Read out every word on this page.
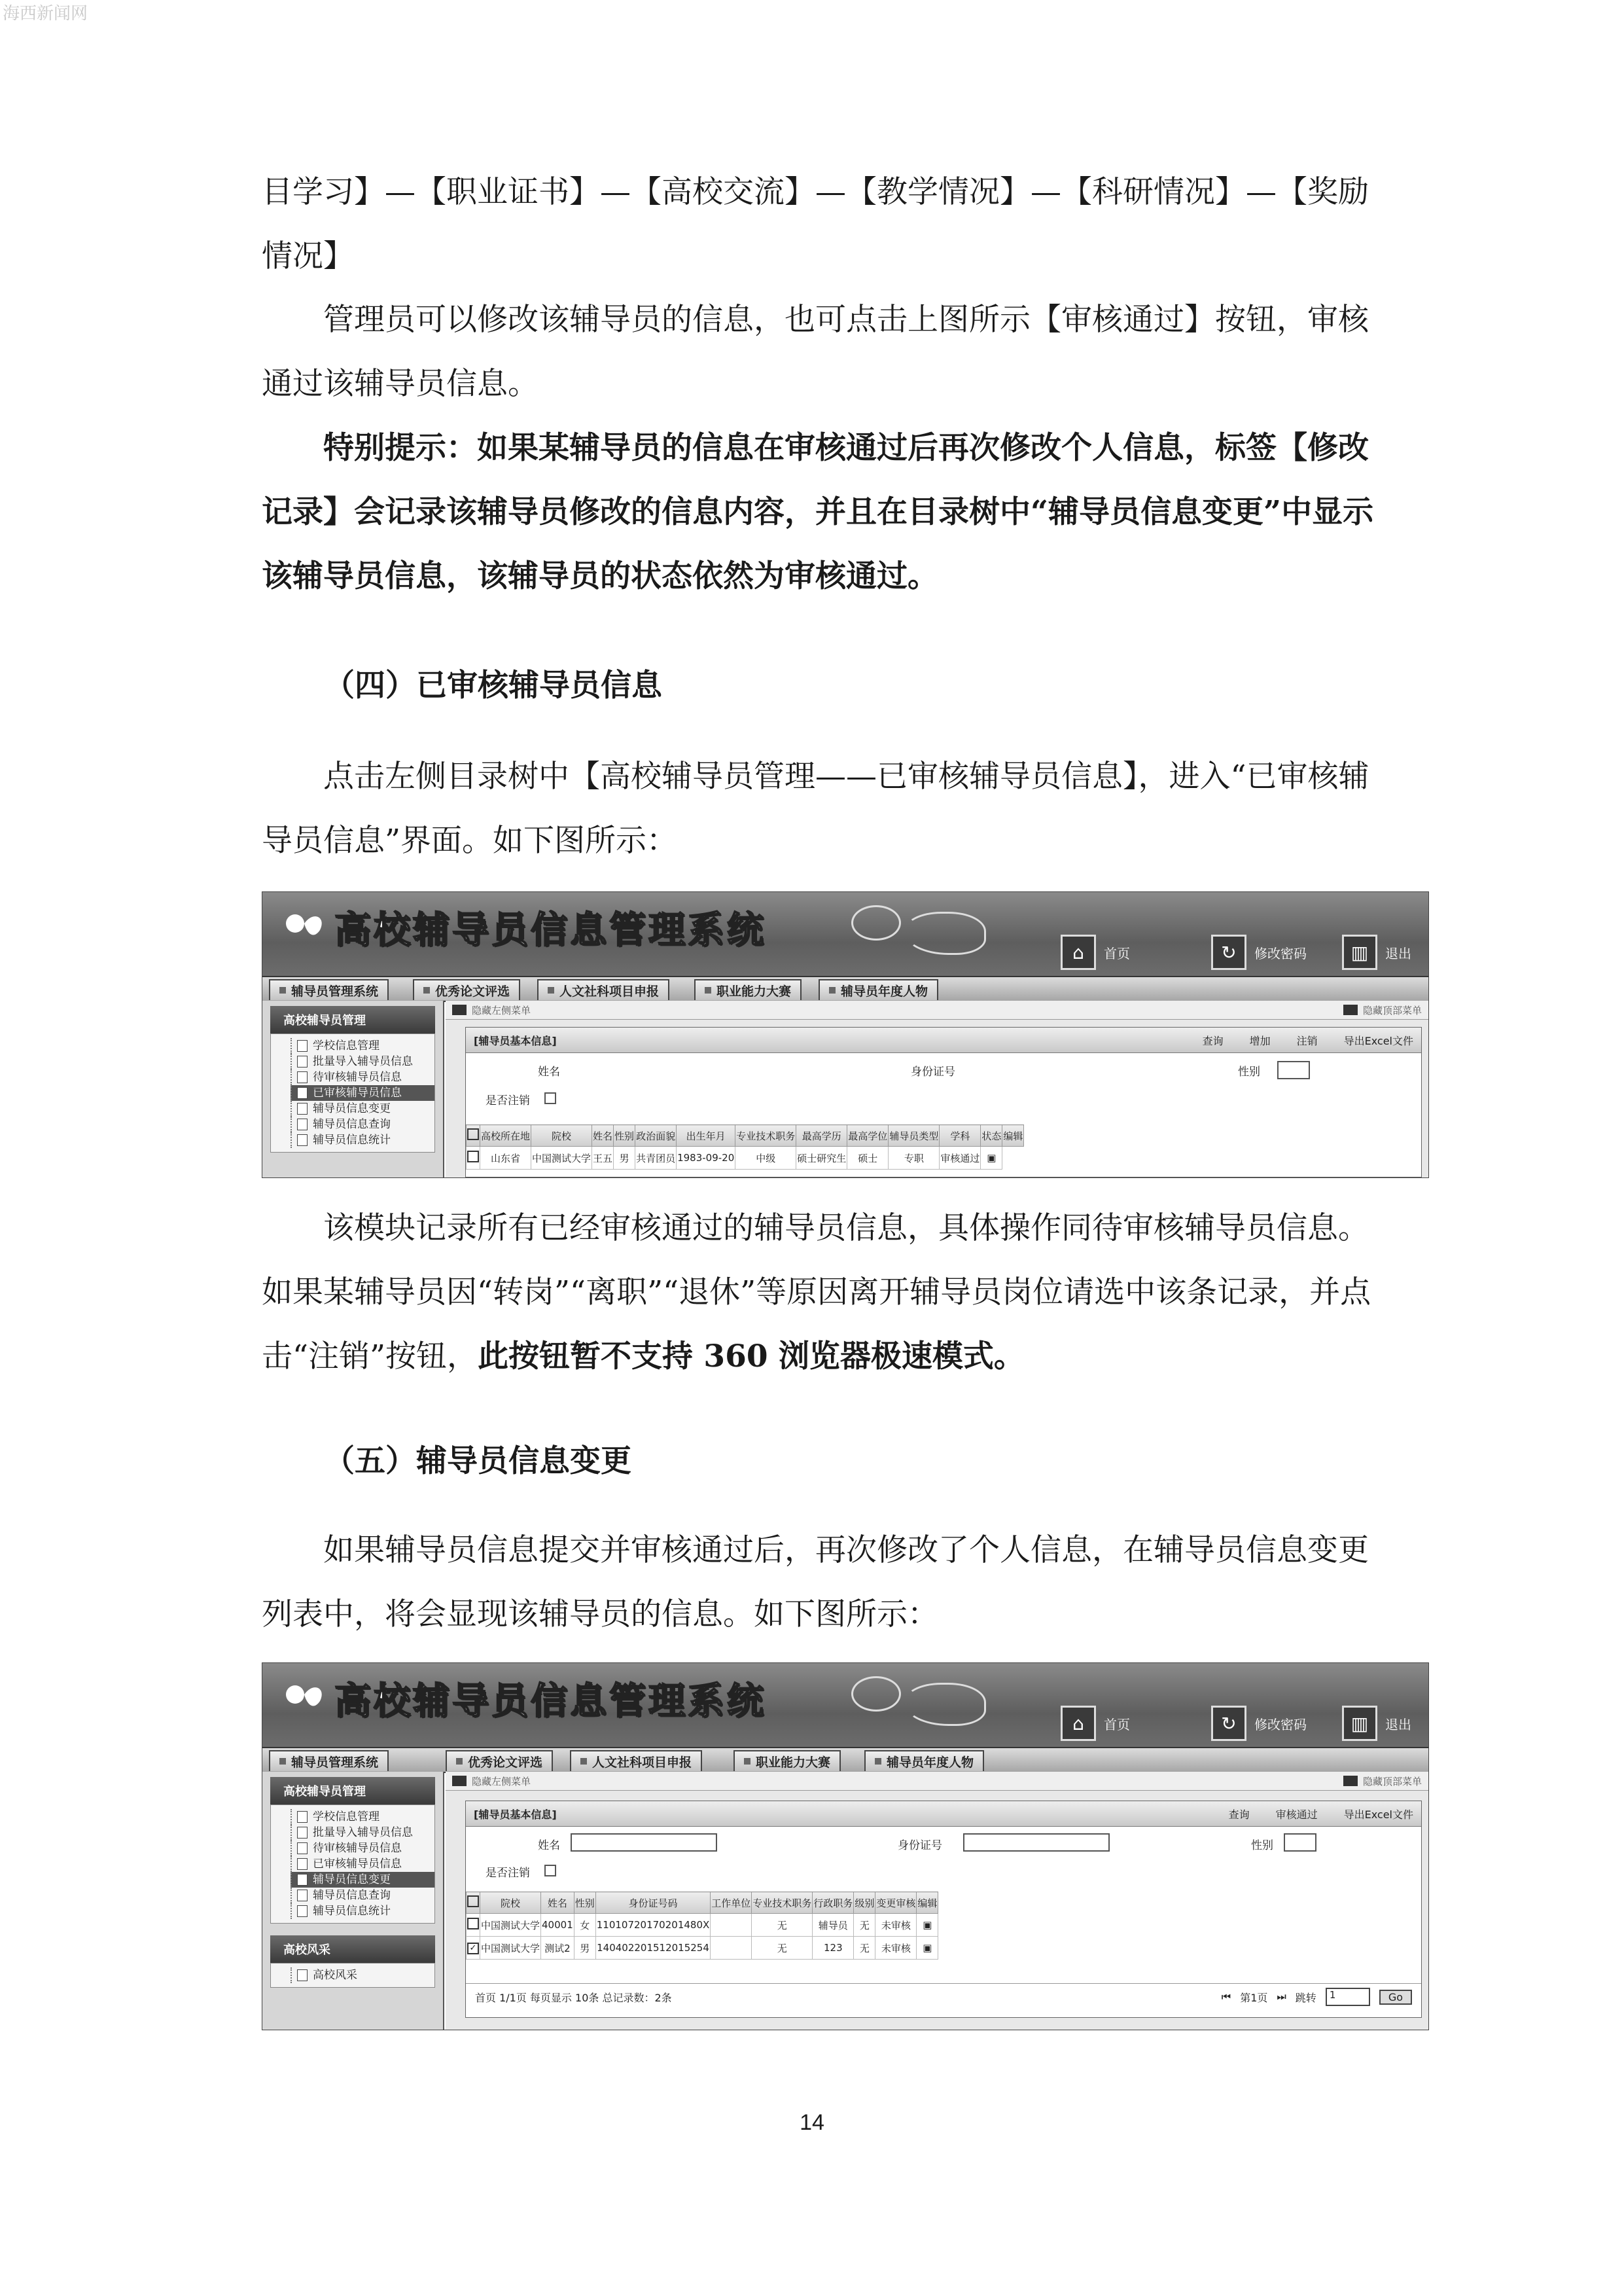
海西新闻网

目学习】—【职业证书】—【高校交流】—【教学情况】—【科研情况】—【奖励情况】

管理员可以修改该辅导员的信息，也可点击上图所示【审核通过】按钮，审核通过该辅导员信息。

特别提示：如果某辅导员的信息在审核通过后再次修改个人信息，标签【修改记录】会记录该辅导员修改的信息内容，并且在目录树中“辅导员信息变更”中显示该辅导员信息，该辅导员的状态依然为审核通过。

（四）已审核辅导员信息

点击左侧目录树中【高校辅导员管理——已审核辅导员信息】，进入“已审核辅导员信息”界面。如下图所示：

高校辅导员信息管理系统
⌂	首页	↻	修改密码	▥	退出
辅导员管理系统	优秀论文评选	人文社科项目申报	职业能力大赛	辅导员年度人物
高校辅导员管理
学校信息管理
批量导入辅导员信息
待审核辅导员信息
已审核辅导员信息
辅导员信息变更
辅导员信息查询
辅导员信息统计
隐藏左侧菜单	隐藏顶部菜单
[辅导员基本信息]	查询	增加	注销	导出Excel文件
姓名	身份证号	性别
是否注销
	高校所在地	院校	姓名	性别	政治面貌	出生年月	专业技术职务	最高学历	最高学位	辅导员类型	学科	状态	编辑
	山东省	中国测试大学	王五	男	共青团员	1983-09-20	中级	硕士研究生	硕士	专职	审核通过	▣	

该模块记录所有已经审核通过的辅导员信息，具体操作同待审核辅导员信息。如果某辅导员因“转岗”“离职”“退休”等原因离开辅导员岗位请选中该条记录，并点击“注销”按钮，此按钮暂不支持 360 浏览器极速模式。

（五）辅导员信息变更

如果辅导员信息提交并审核通过后，再次修改了个人信息，在辅导员信息变更列表中，将会显现该辅导员的信息。如下图所示：

高校辅导员信息管理系统
⌂	首页	↻	修改密码	▥	退出
辅导员管理系统	优秀论文评选	人文社科项目申报	职业能力大赛	辅导员年度人物
高校辅导员管理
学校信息管理
批量导入辅导员信息
待审核辅导员信息
已审核辅导员信息
辅导员信息变更
辅导员信息查询
辅导员信息统计
高校风采
高校风采
隐藏左侧菜单	隐藏顶部菜单
[辅导员基本信息]	查询	审核通过	导出Excel文件
姓名	身份证号	性别
是否注销
	院校	姓名	性别	身份证号码	工作单位	专业技术职务	行政职务	级别	变更审核	编辑
	中国测试大学	40001	女	11010720170201480X		无	辅导员	无	未审核	▣
✓	中国测试大学	测试2	男	140402201512015254		无	123	无	未审核	▣
首页 1/1页 每页显示 10条 总记录数：2条	⏮ 第1页 ⏭ 跳转	1	Go
14
